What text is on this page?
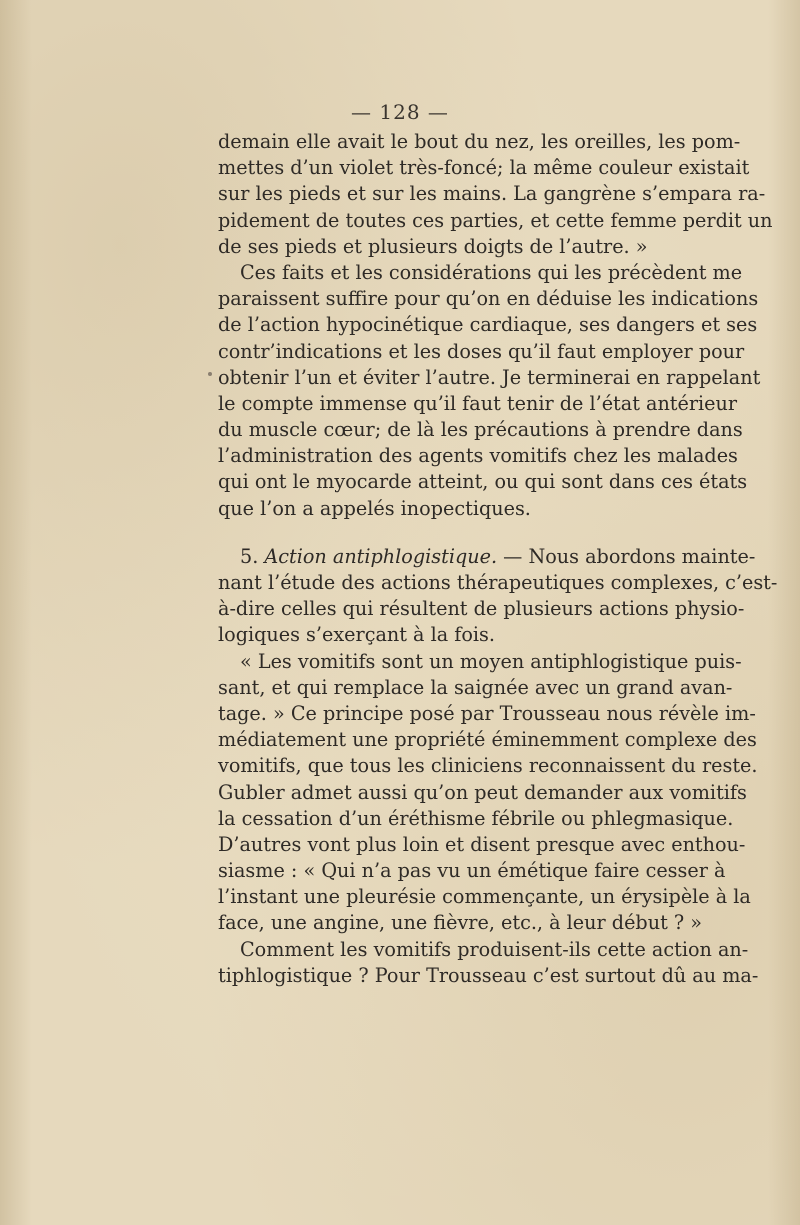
— 128 —
demain elle avait le bout du nez, les oreilles, les pom-
mettes d’un violet très-foncé; la même couleur existait
sur les pieds et sur les mains. La gangrène s’empara ra-
pidement de toutes ces parties, et cette femme perdit un
de ses pieds et plusieurs doigts de l’autre. »
Ces faits et les considérations qui les précèdent me
paraissent suffire pour qu’on en déduise les indications
de l’action hypocinétique cardiaque, ses dangers et ses
contr’indications et les doses qu’il faut employer pour
obtenir l’un et éviter l’autre. Je terminerai en rappelant
le compte immense qu’il faut tenir de l’état antérieur
du muscle cœur; de là les précautions à prendre dans
l’administration des agents vomitifs chez les malades
qui ont le myocarde atteint, ou qui sont dans ces états
que l’on a appelés inopectiques.
5. Action antiphlogistique. — Nous abordons mainte-
nant l’étude des actions thérapeutiques complexes, c’est-
à-dire celles qui résultent de plusieurs actions physio-
logiques s’exerçant à la fois.
« Les vomitifs sont un moyen antiphlogistique puis-
sant, et qui remplace la saignée avec un grand avan-
tage. » Ce principe posé par Trousseau nous révèle im-
médiatement une propriété éminemment complexe des
vomitifs, que tous les cliniciens reconnaissent du reste.
Gubler admet aussi qu’on peut demander aux vomitifs
la cessation d’un éréthisme fébrile ou phlegmasique.
D’autres vont plus loin et disent presque avec enthou-
siasme : « Qui n’a pas vu un émétique faire cesser à
l’instant une pleurésie commençante, un érysipèle à la
face, une angine, une fièvre, etc., à leur début ? »
Comment les vomitifs produisent-ils cette action an-
tiphlogistique ? Pour Trousseau c’est surtout dû au ma-
